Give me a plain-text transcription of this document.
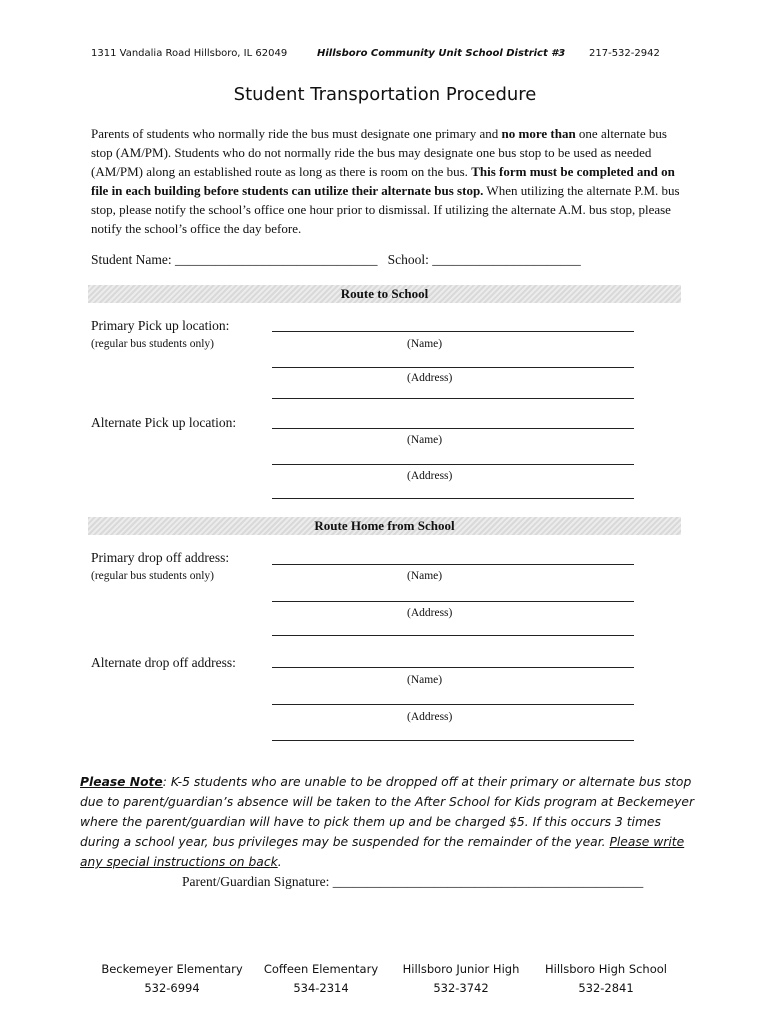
1311 Vandalia Road Hillsboro, IL 62049	Hillsboro Community Unit School District #3 217-532-2942
Student Transportation Procedure
Parents of students who normally ride the bus must designate one primary and no more than one alternate bus stop (AM/PM). Students who do not normally ride the bus may designate one bus stop to be used as needed (AM/PM) along an established route as long as there is room on the bus. This form must be completed and on file in each building before students can utilize their alternate bus stop. When utilizing the alternate P.M. bus stop, please notify the school’s office one hour prior to dismissal. If utilizing the alternate A.M. bus stop, please notify the school’s office the day before.
Student Name: ______________________________ School: ______________________
Route to School
Primary Pick up location:
(regular bus students only)	(Name)
(Address)
Alternate Pick up location:
(Name)
(Address)
Route Home from School
Primary drop off address:
(regular bus students only)	(Name)
(Address)
Alternate drop off address:
(Name)
(Address)
Please Note: K-5 students who are unable to be dropped off at their primary or alternate bus stop due to parent/guardian’s absence will be taken to the After School for Kids program at Beckemeyer where the parent/guardian will have to pick them up and be charged $5. If this occurs 3 times during a school year, bus privileges may be suspended for the remainder of the year. Please write any special instructions on back.
Parent/Guardian Signature: ______________________________________________
Beckemeyer Elementary
532-6994
Coffeen Elementary
534-2314
Hillsboro Junior High
532-3742
Hillsboro High School
532-2841
